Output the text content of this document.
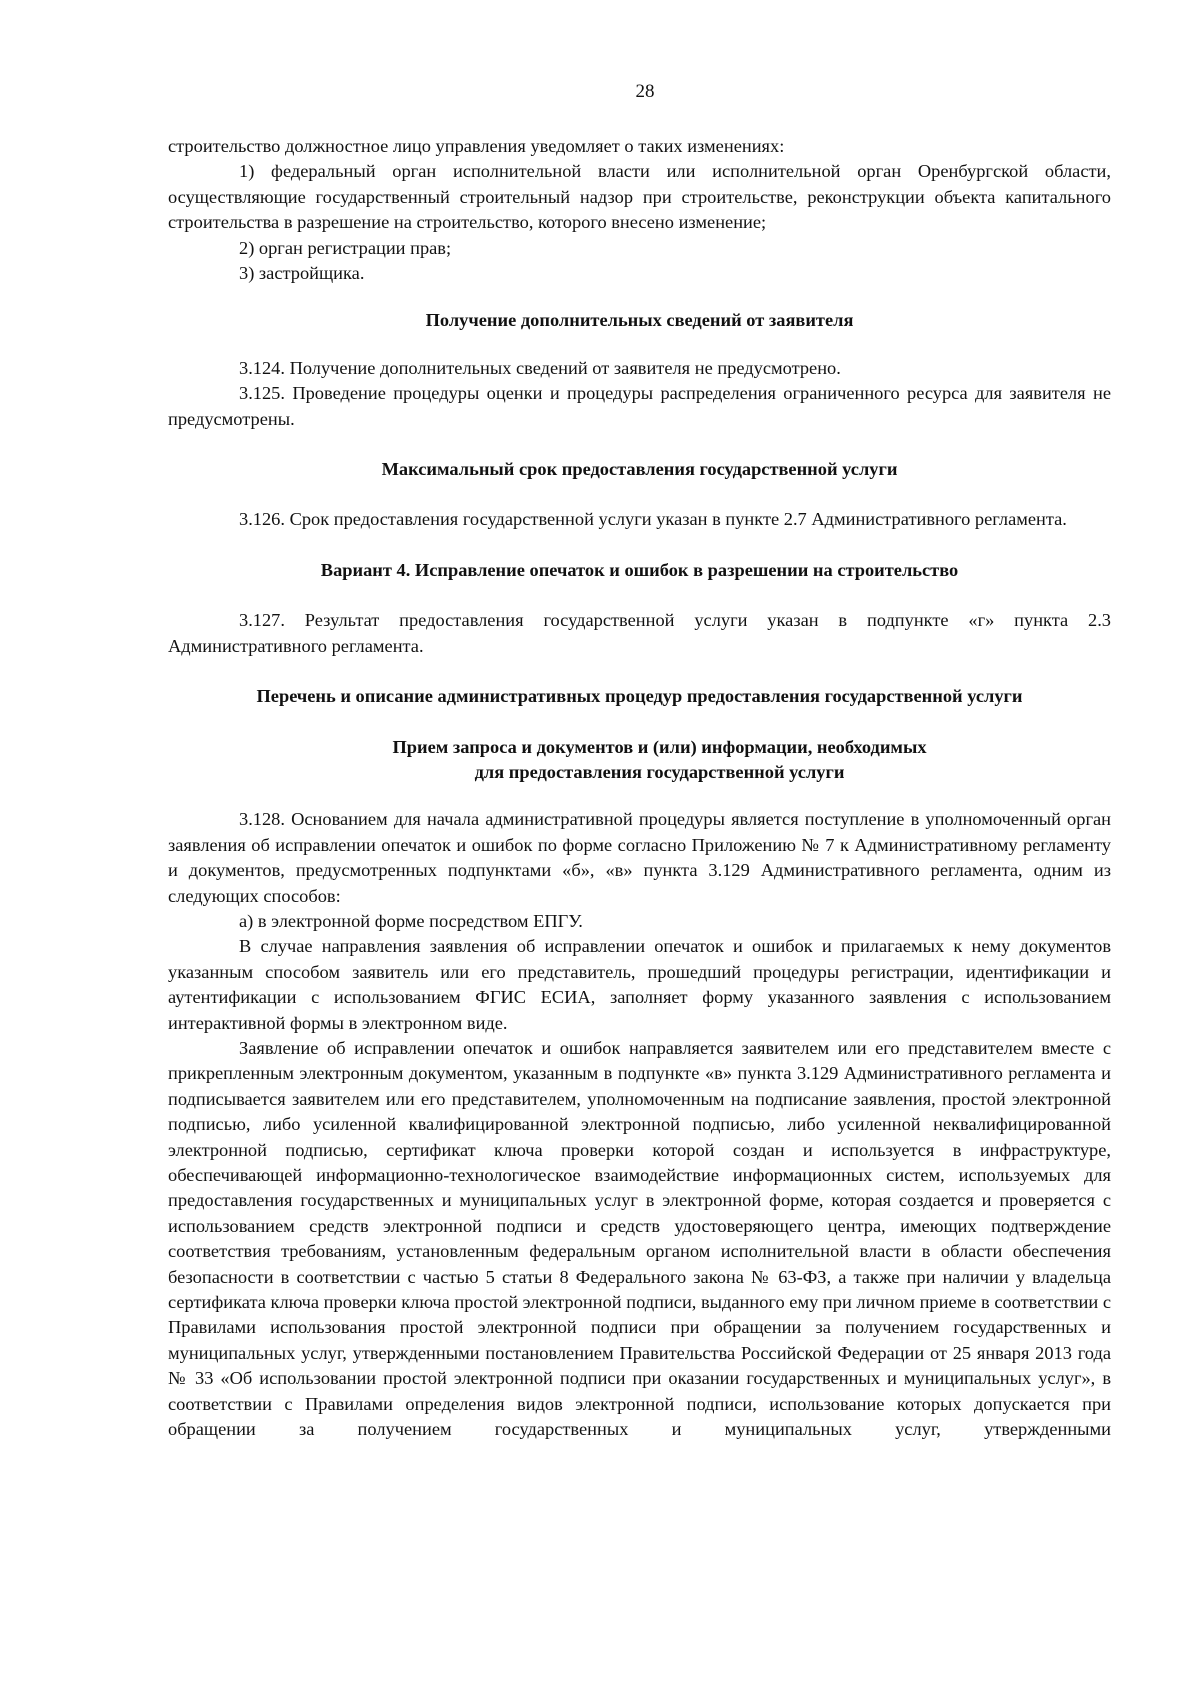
28

строительство должностное лицо управления уведомляет о таких изменениях:

1) федеральный орган исполнительной власти или исполнительной орган Оренбургской области, осуществляющие государственный строительный надзор при строительстве, реконструкции объекта капитального строительства в разрешение на строительство, которого внесено изменение;

2) орган регистрации прав;

3) застройщика.

Получение дополнительных сведений от заявителя

3.124. Получение дополнительных сведений от заявителя не предусмотрено.

3.125. Проведение процедуры оценки и процедуры распределения ограниченного ресурса для заявителя не предусмотрены.

Максимальный срок предоставления государственной услуги

3.126. Срок предоставления государственной услуги указан в пункте 2.7 Административного регламента.

Вариант 4. Исправление опечаток и ошибок в разрешении на строительство

3.127. Результат предоставления государственной услуги указан в подпункте «г» пункта 2.3 Административного регламента.

Перечень и описание административных процедур предоставления государственной услуги
Прием запроса и документов и (или) информации, необходимых
для предоставления государственной услуги

3.128. Основанием для начала административной процедуры является поступление в уполномоченный орган заявления об исправлении опечаток и ошибок по форме согласно Приложению № 7 к Административному регламенту и документов, предусмотренных подпунктами «б», «в» пункта 3.129 Административного регламента, одним из следующих способов:

а) в электронной форме посредством ЕПГУ.

В случае направления заявления об исправлении опечаток и ошибок и прилагаемых к нему документов указанным способом заявитель или его представитель, прошедший процедуры регистрации, идентификации и аутентификации с использованием ФГИС ЕСИА, заполняет форму указанного заявления с использованием интерактивной формы в электронном виде.

Заявление об исправлении опечаток и ошибок направляется заявителем или его представителем вместе с прикрепленным электронным документом, указанным в подпункте «в» пункта 3.129 Административного регламента и подписывается заявителем или его представителем, уполномоченным на подписание заявления, простой электронной подписью, либо усиленной квалифицированной электронной подписью, либо усиленной неквалифицированной электронной подписью, сертификат ключа проверки которой создан и используется в инфраструктуре, обеспечивающей информационно-технологическое взаимодействие информационных систем, используемых для предоставления государственных и муниципальных услуг в электронной форме, которая создается и проверяется с использованием средств электронной подписи и средств удостоверяющего центра, имеющих подтверждение соответствия требованиям, установленным федеральным органом исполнительной власти в области обеспечения безопасности в соответствии с частью 5 статьи 8 Федерального закона № 63-ФЗ, а также при наличии у владельца сертификата ключа проверки ключа простой электронной подписи, выданного ему при личном приеме в соответствии с Правилами использования простой электронной подписи при обращении за получением государственных и муниципальных услуг, утвержденными постановлением Правительства Российской Федерации от 25 января 2013 года № 33 «Об использовании простой электронной подписи при оказании государственных и муниципальных услуг», в соответствии с Правилами определения видов электронной подписи, использование которых допускается при обращении за получением государственных и муниципальных услуг, утвержденными
